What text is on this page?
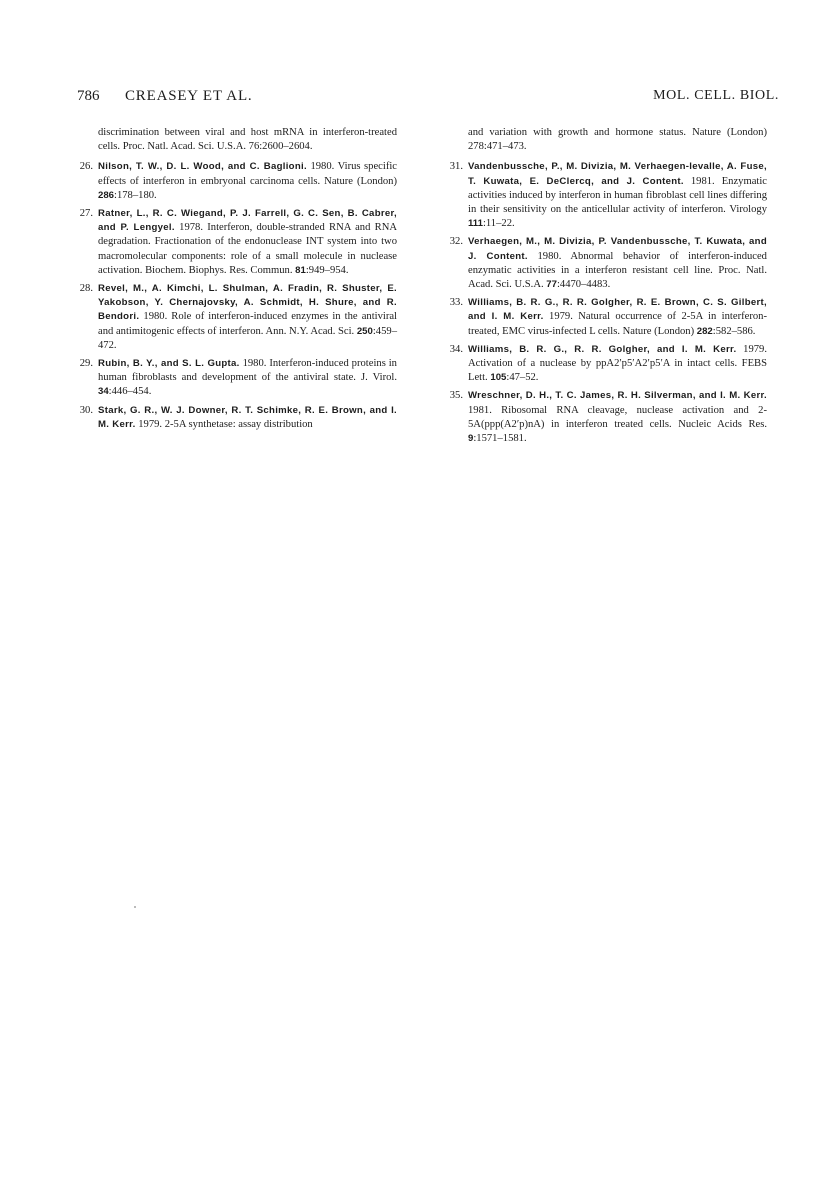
786 CREASEY ET AL.	MOL. CELL. BIOL.
discrimination between viral and host mRNA in interferon-treated cells. Proc. Natl. Acad. Sci. U.S.A. 76:2600–2604.
26. Nilson, T. W., D. L. Wood, and C. Baglioni. 1980. Virus specific effects of interferon in embryonal carcinoma cells. Nature (London) 286:178–180.
27. Ratner, L., R. C. Wiegand, P. J. Farrell, G. C. Sen, B. Cabrer, and P. Lengyel. 1978. Interferon, double-stranded RNA and RNA degradation. Fractionation of the endonuclease INT system into two macromolecular components: role of a small molecule in nuclease activation. Biochem. Biophys. Res. Commun. 81:949–954.
28. Revel, M., A. Kimchi, L. Shulman, A. Fradin, R. Shuster, E. Yakobson, Y. Chernajovsky, A. Schmidt, H. Shure, and R. Bendori. 1980. Role of interferon-induced enzymes in the antiviral and antimitogenic effects of interferon. Ann. N.Y. Acad. Sci. 250:459–472.
29. Rubin, B. Y., and S. L. Gupta. 1980. Interferon-induced proteins in human fibroblasts and development of the antiviral state. J. Virol. 34:446–454.
30. Stark, G. R., W. J. Downer, R. T. Schimke, R. E. Brown, and I. M. Kerr. 1979. 2-5A synthetase: assay distribution
and variation with growth and hormone status. Nature (London) 278:471–473.
31. Vandenbussche, P., M. Divizia, M. Verhaegen-levalle, A. Fuse, T. Kuwata, E. DeClercq, and J. Content. 1981. Enzymatic activities induced by interferon in human fibroblast cell lines differing in their sensitivity on the anticellular activity of interferon. Virology 111:11–22.
32. Verhaegen, M., M. Divizia, P. Vandenbussche, T. Kuwata, and J. Content. 1980. Abnormal behavior of interferon-induced enzymatic activities in a interferon resistant cell line. Proc. Natl. Acad. Sci. U.S.A. 77:4470–4483.
33. Williams, B. R. G., R. R. Golgher, R. E. Brown, C. S. Gilbert, and I. M. Kerr. 1979. Natural occurrence of 2-5A in interferon-treated, EMC virus-infected L cells. Nature (London) 282:582–586.
34. Williams, B. R. G., R. R. Golgher, and I. M. Kerr. 1979. Activation of a nuclease by ppA2′p5′A2′p5′A in intact cells. FEBS Lett. 105:47–52.
35. Wreschner, D. H., T. C. James, R. H. Silverman, and I. M. Kerr. 1981. Ribosomal RNA cleavage, nuclease activation and 2-5A(ppp(A2′p)nA) in interferon treated cells. Nucleic Acids Res. 9:1571–1581.
